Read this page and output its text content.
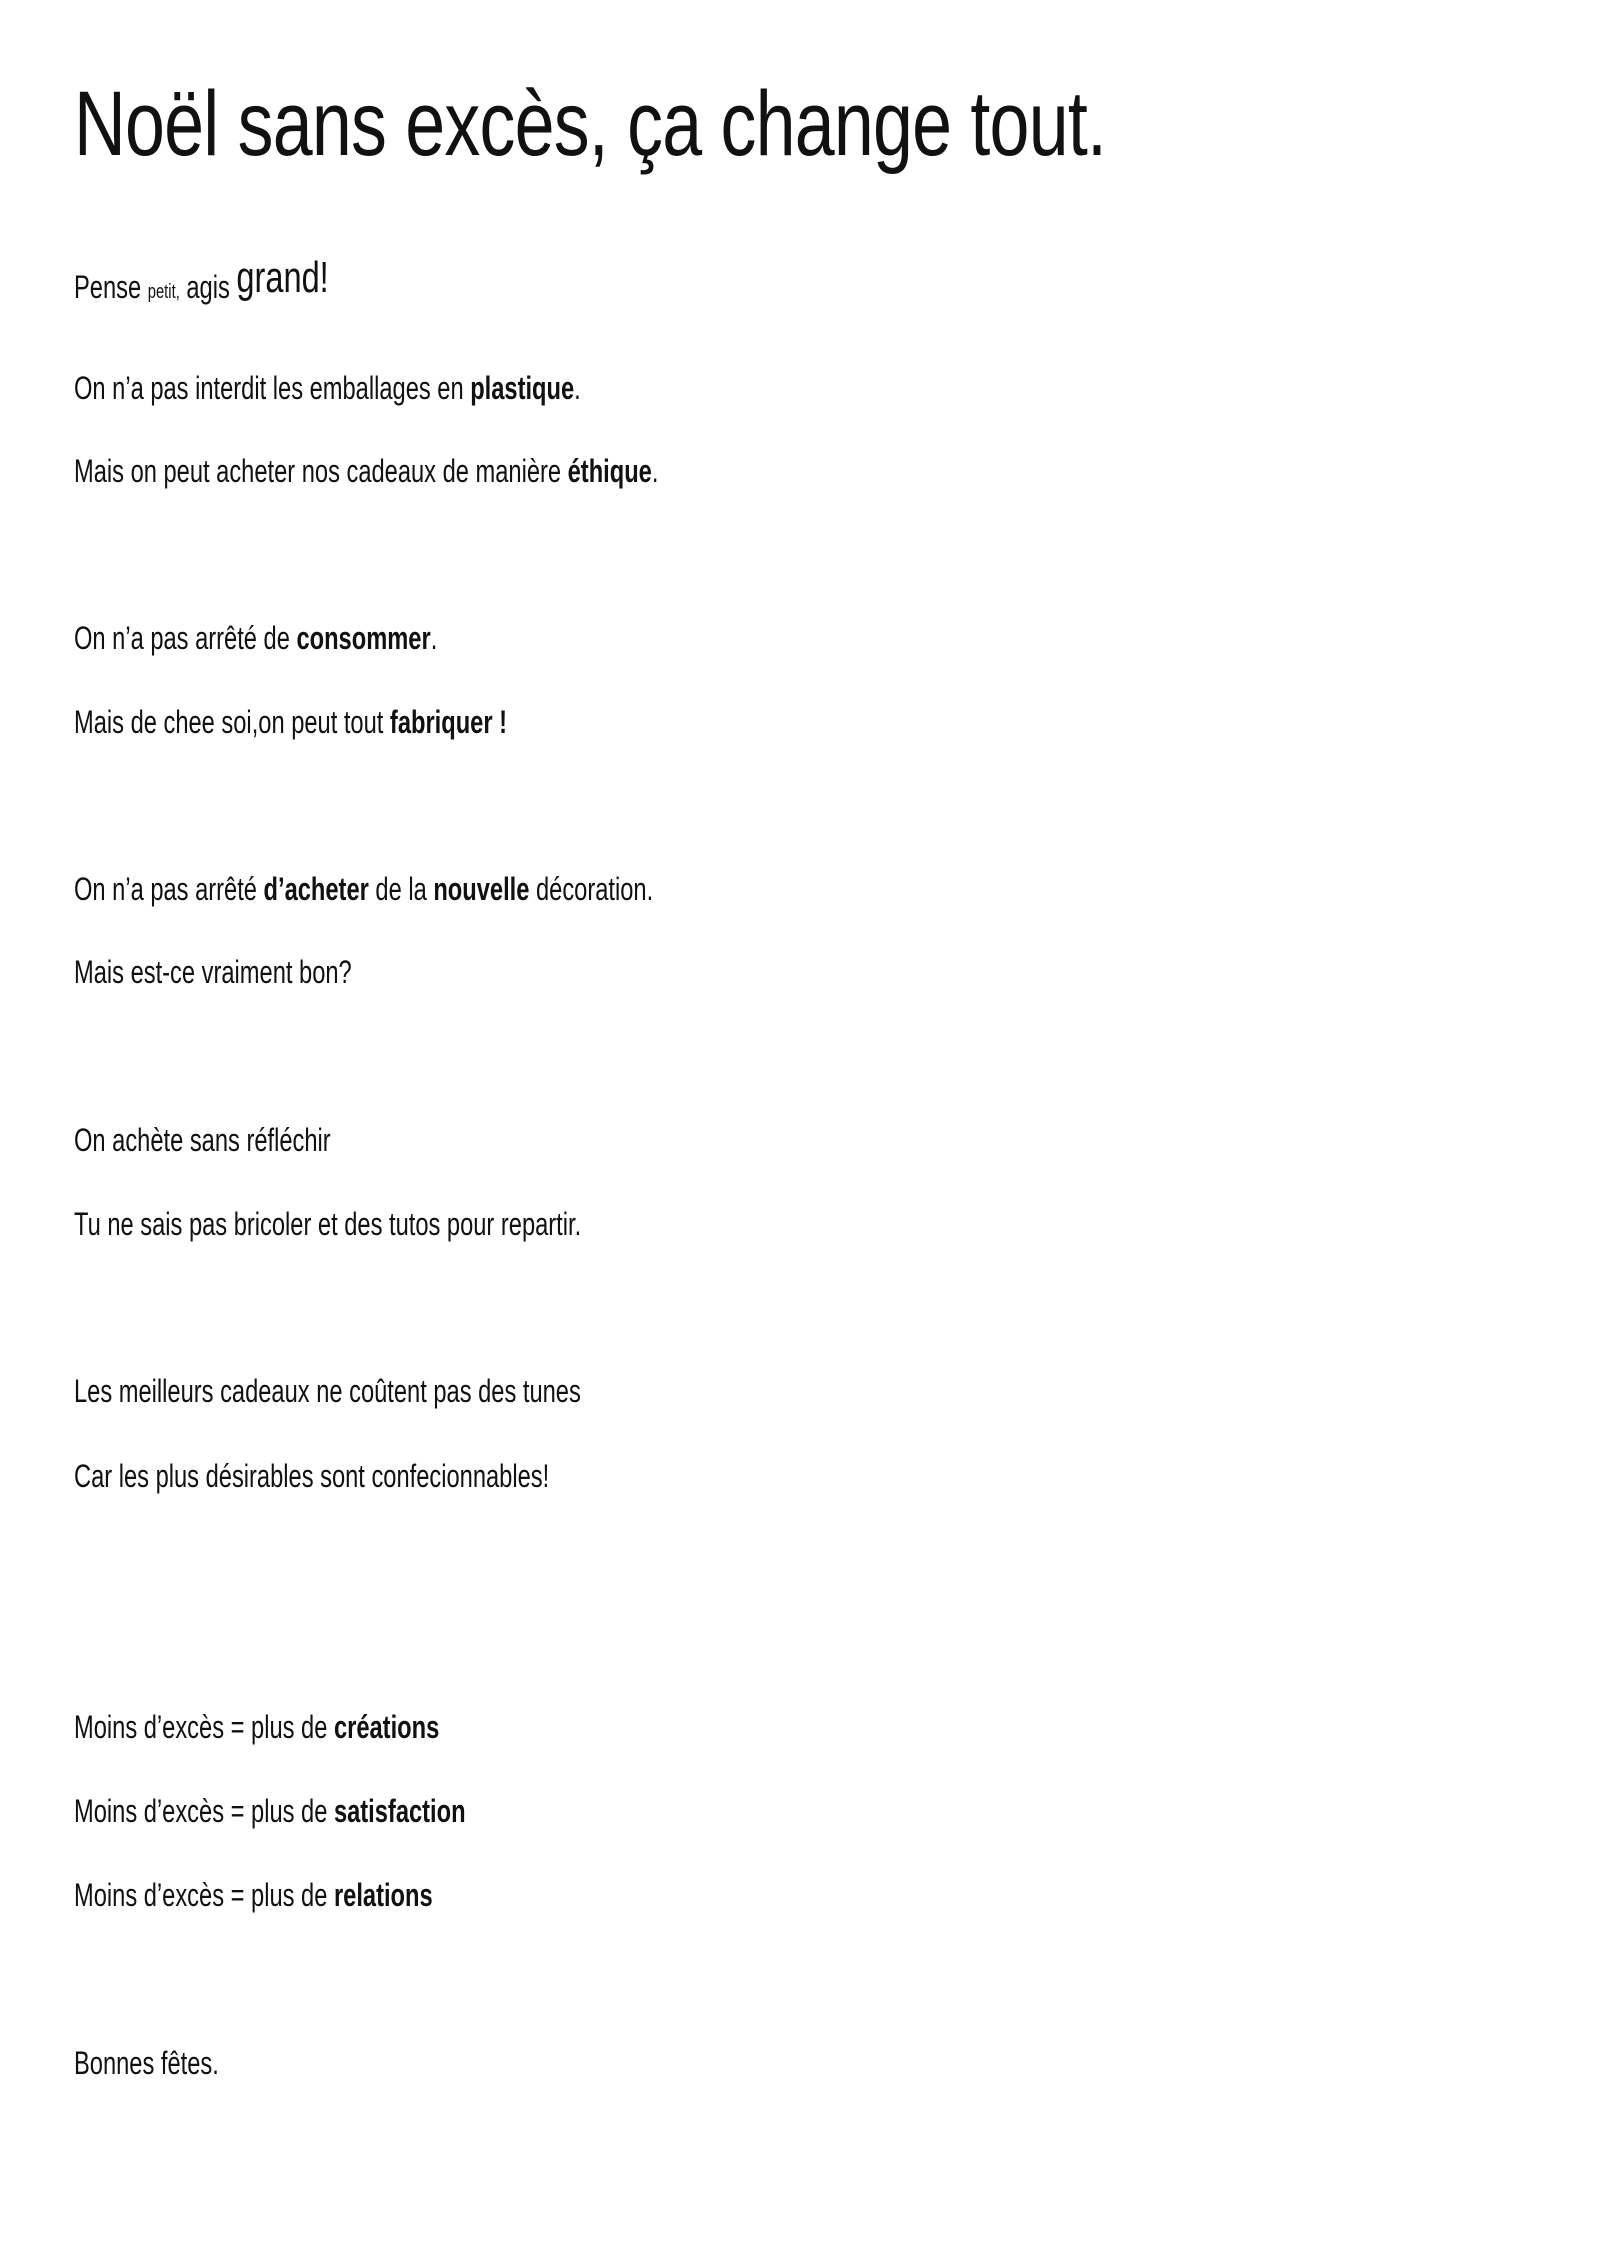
Noël sans excès, ça change tout.

Pense petit, agis grand!

On n’a pas interdit les emballages en plastique.

Mais on peut acheter nos cadeaux de manière éthique.

On n’a pas arrêté de consommer.

Mais de chee soi,on peut tout fabriquer !

On n’a pas arrêté d’acheter de la nouvelle décoration.

Mais est-ce vraiment bon?

On achète sans réfléchir

Tu ne sais pas bricoler et des tutos pour repartir.

Les meilleurs cadeaux ne coûtent pas des tunes

Car les plus désirables sont confecionnables!

Moins d’excès = plus de créations

Moins d’excès = plus de satisfaction

Moins d’excès = plus de relations

Bonnes fêtes.
